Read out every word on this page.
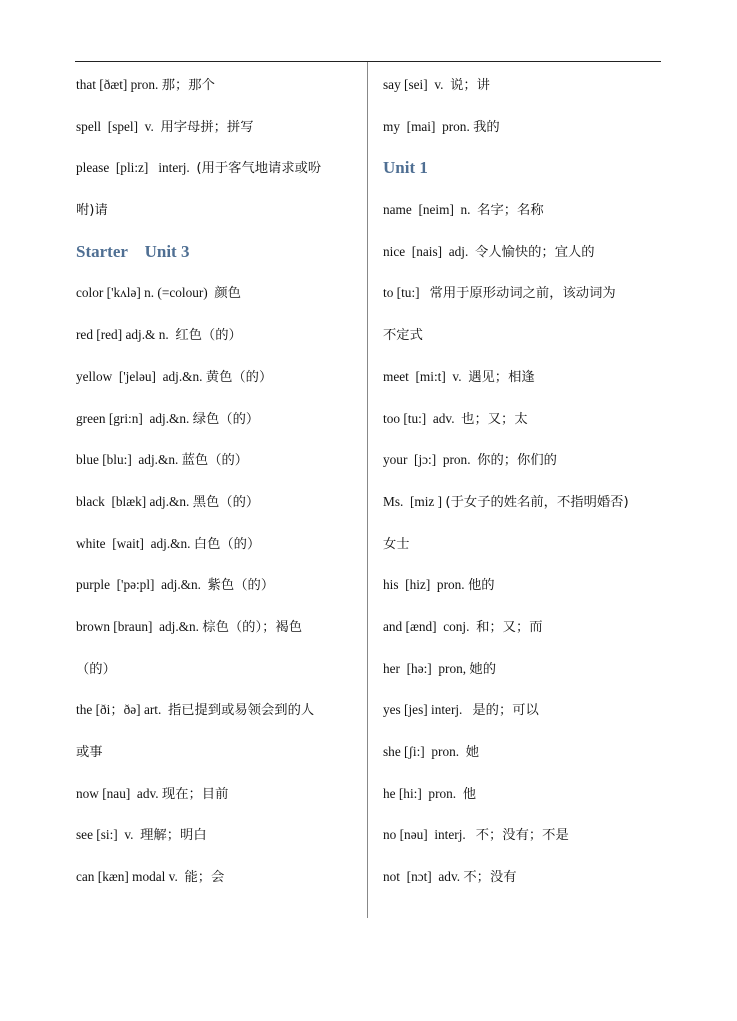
that [ðæt] pron. 那；那个
spell  [spel]  v.  用字母拼；拼写
please  [pli:z]   interj.  (用于客气地请求或吩
咐)请
Starter    Unit 3
color ['kʌlə] n. (=colour)  颜色
red [red] adj.& n.  红色（的）
yellow  ['jeləu]  adj.&n. 黄色（的）
green [gri:n]  adj.&n. 绿色（的）
blue [blu:]  adj.&n. 蓝色（的）
black  [blæk] adj.&n. 黑色（的）
white  [wait]  adj.&n. 白色（的）
purple  ['pə:pl]  adj.&n.  紫色（的）
brown [braun]  adj.&n. 棕色（的）；褐色
（的）
the [ði；ðə] art.  指已提到或易领会到的人
或事
now [nau]  adv. 现在；目前
see [si:]  v.  理解；明白
can [kæn] modal v.  能；会
say [sei]  v.  说；讲
my  [mai]  pron. 我的
Unit 1
name  [neim]  n.  名字；名称
nice  [nais]  adj.  令人愉快的；宜人的
to [tu:]   常用于原形动词之前，该动词为
不定式
meet  [mi:t]  v.  遇见；相逢
too [tu:]  adv.  也；又；太
your  [jɔ:]  pron.  你的；你们的
Ms.  [miz ] (于女子的姓名前，不指明婚否)
女士
his  [hiz]  pron. 他的
and [ænd]  conj.  和；又；而
her  [hə:]  pron, 她的
yes [jes] interj.   是的；可以
she [ʃi:]  pron.  她
he [hi:]  pron.  他
no [nəu]  interj.   不；没有；不是
not  [nɔt]  adv. 不；没有
